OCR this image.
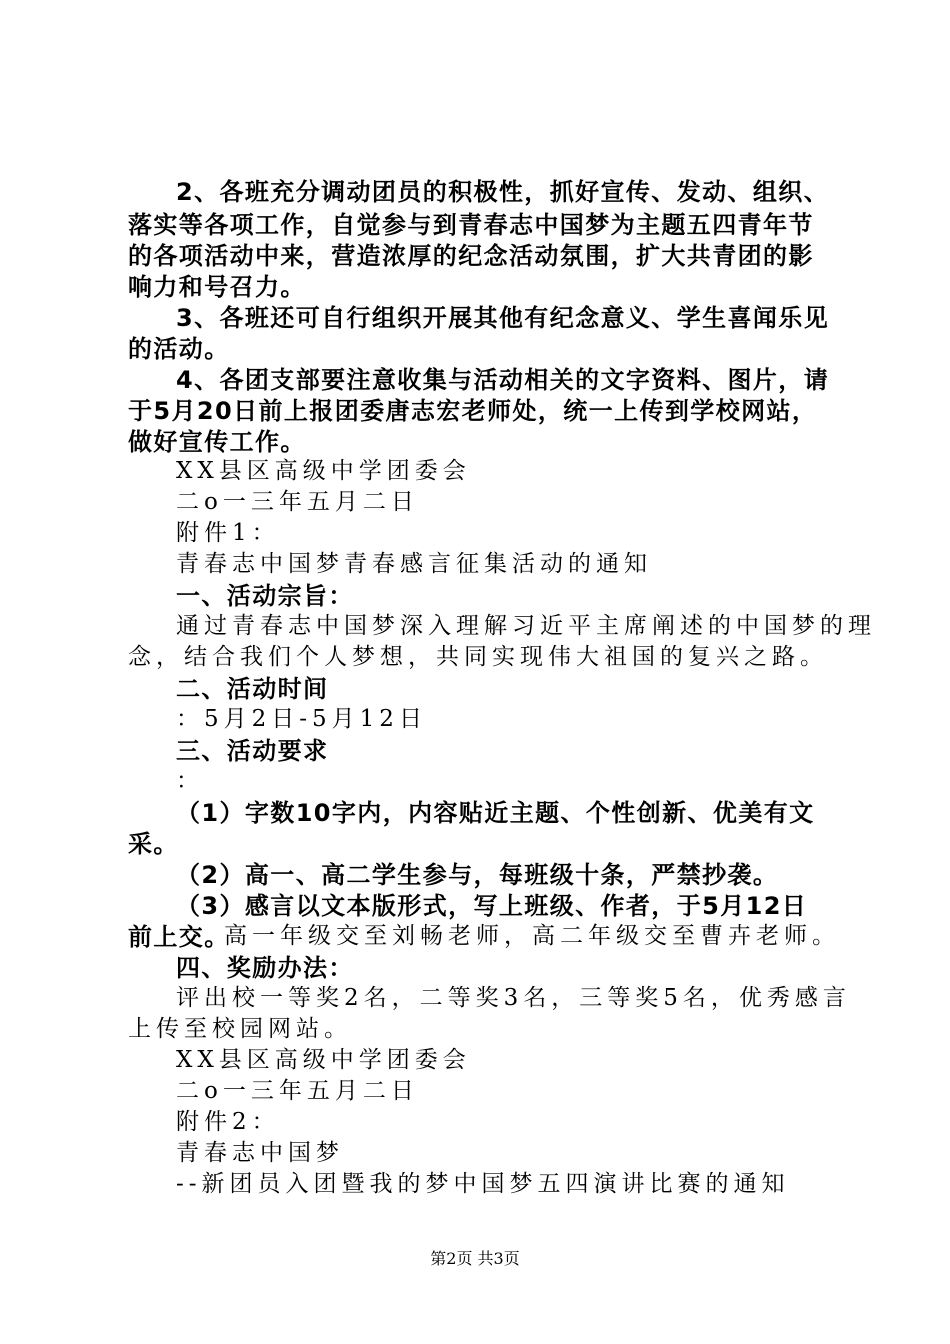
2、各班充分调动团员的积极性，抓好宣传、发动、组织、
落实等各项工作，自觉参与到青春志中国梦为主题五四青年节
的各项活动中来，营造浓厚的纪念活动氛围，扩大共青团的影
响力和号召力。
3、各班还可自行组织开展其他有纪念意义、学生喜闻乐见
的活动。
4、各团支部要注意收集与活动相关的文字资料、图片，请
于5月20日前上报团委唐志宏老师处，统一上传到学校网站，
做好宣传工作。
XX县区高级中学团委会
二o一三年五月二日
附件1：
青春志中国梦青春感言征集活动的通知
一、活动宗旨：
通过青春志中国梦深入理解习近平主席阐述的中国梦的理
念，结合我们个人梦想，共同实现伟大祖国的复兴之路。
二、活动时间
：5月2日-5月12日
三、活动要求
：
（1）字数10字内，内容贴近主题、个性创新、优美有文
采。
（2）高一、高二学生参与，每班级十条，严禁抄袭。
（3）感言以文本版形式，写上班级、作者，于5月12日
前上交。
高一年级交至刘畅老师，高二年级交至曹卉老师。
四、奖励办法：
评出校一等奖2名，二等奖3名，三等奖5名，优秀感言
上传至校园网站。
XX县区高级中学团委会
二o一三年五月二日
附件2：
青春志中国梦
--新团员入团暨我的梦中国梦五四演讲比赛的通知
第2页 共3页
